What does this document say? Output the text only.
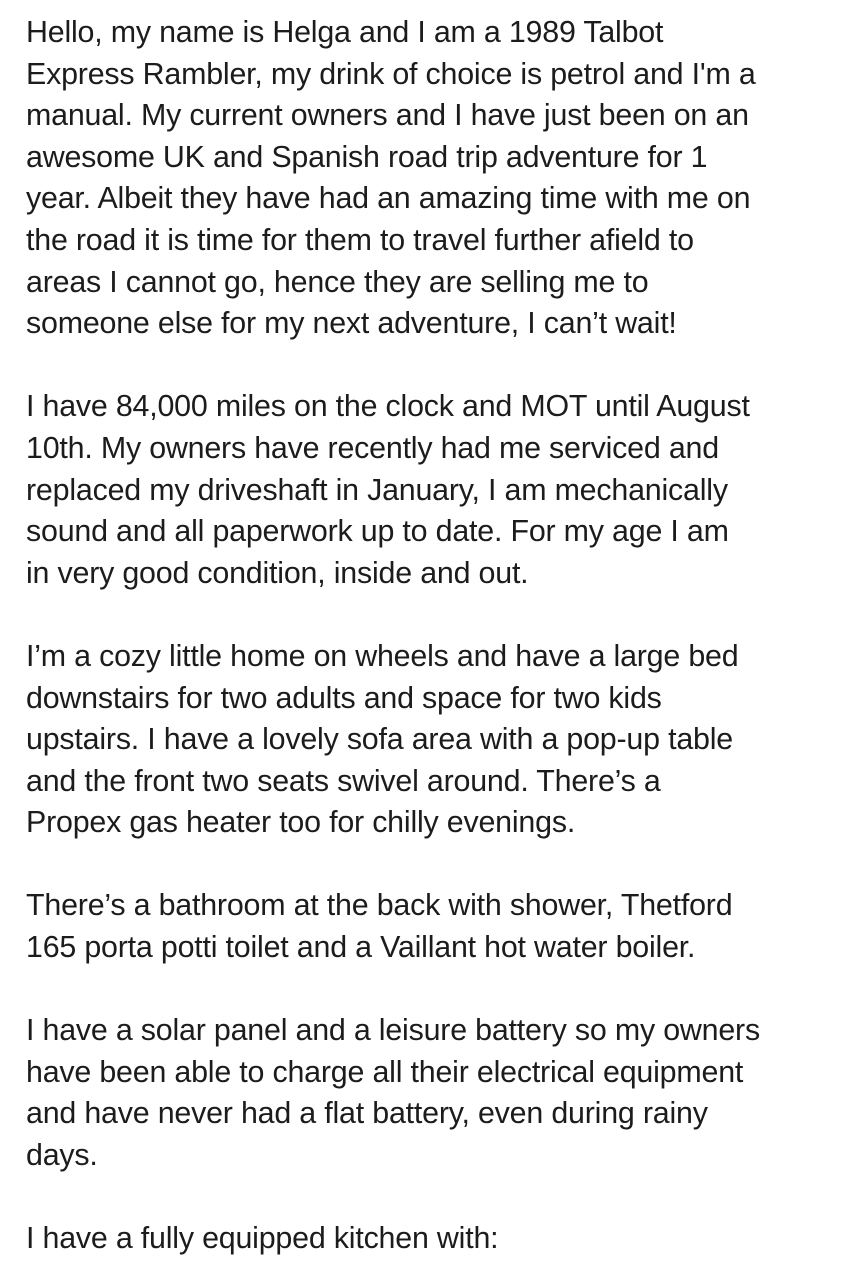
Hello, my name is Helga and I am a 1989 Talbot
Express Rambler, my drink of choice is petrol and I'm a
manual. My current owners and I have just been on an
awesome UK and Spanish road trip adventure for 1
year. Albeit they have had an amazing time with me on
the road it is time for them to travel further afield to
areas I cannot go, hence they are selling me to
someone else for my next adventure, I can’t wait!

I have 84,000 miles on the clock and MOT until August
10th. My owners have recently had me serviced and
replaced my driveshaft in January, I am mechanically
sound and all paperwork up to date. For my age I am
in very good condition, inside and out.

I’m a cozy little home on wheels and have a large bed
downstairs for two adults and space for two kids
upstairs. I have a lovely sofa area with a pop-up table
and the front two seats swivel around. There’s a
Propex gas heater too for chilly evenings.

There’s a bathroom at the back with shower, Thetford
165 porta potti toilet and a Vaillant hot water boiler.

I have a solar panel and a leisure battery so my owners
have been able to charge all their electrical equipment
and have never had a flat battery, even during rainy
days.

I have a fully equipped kitchen with:
